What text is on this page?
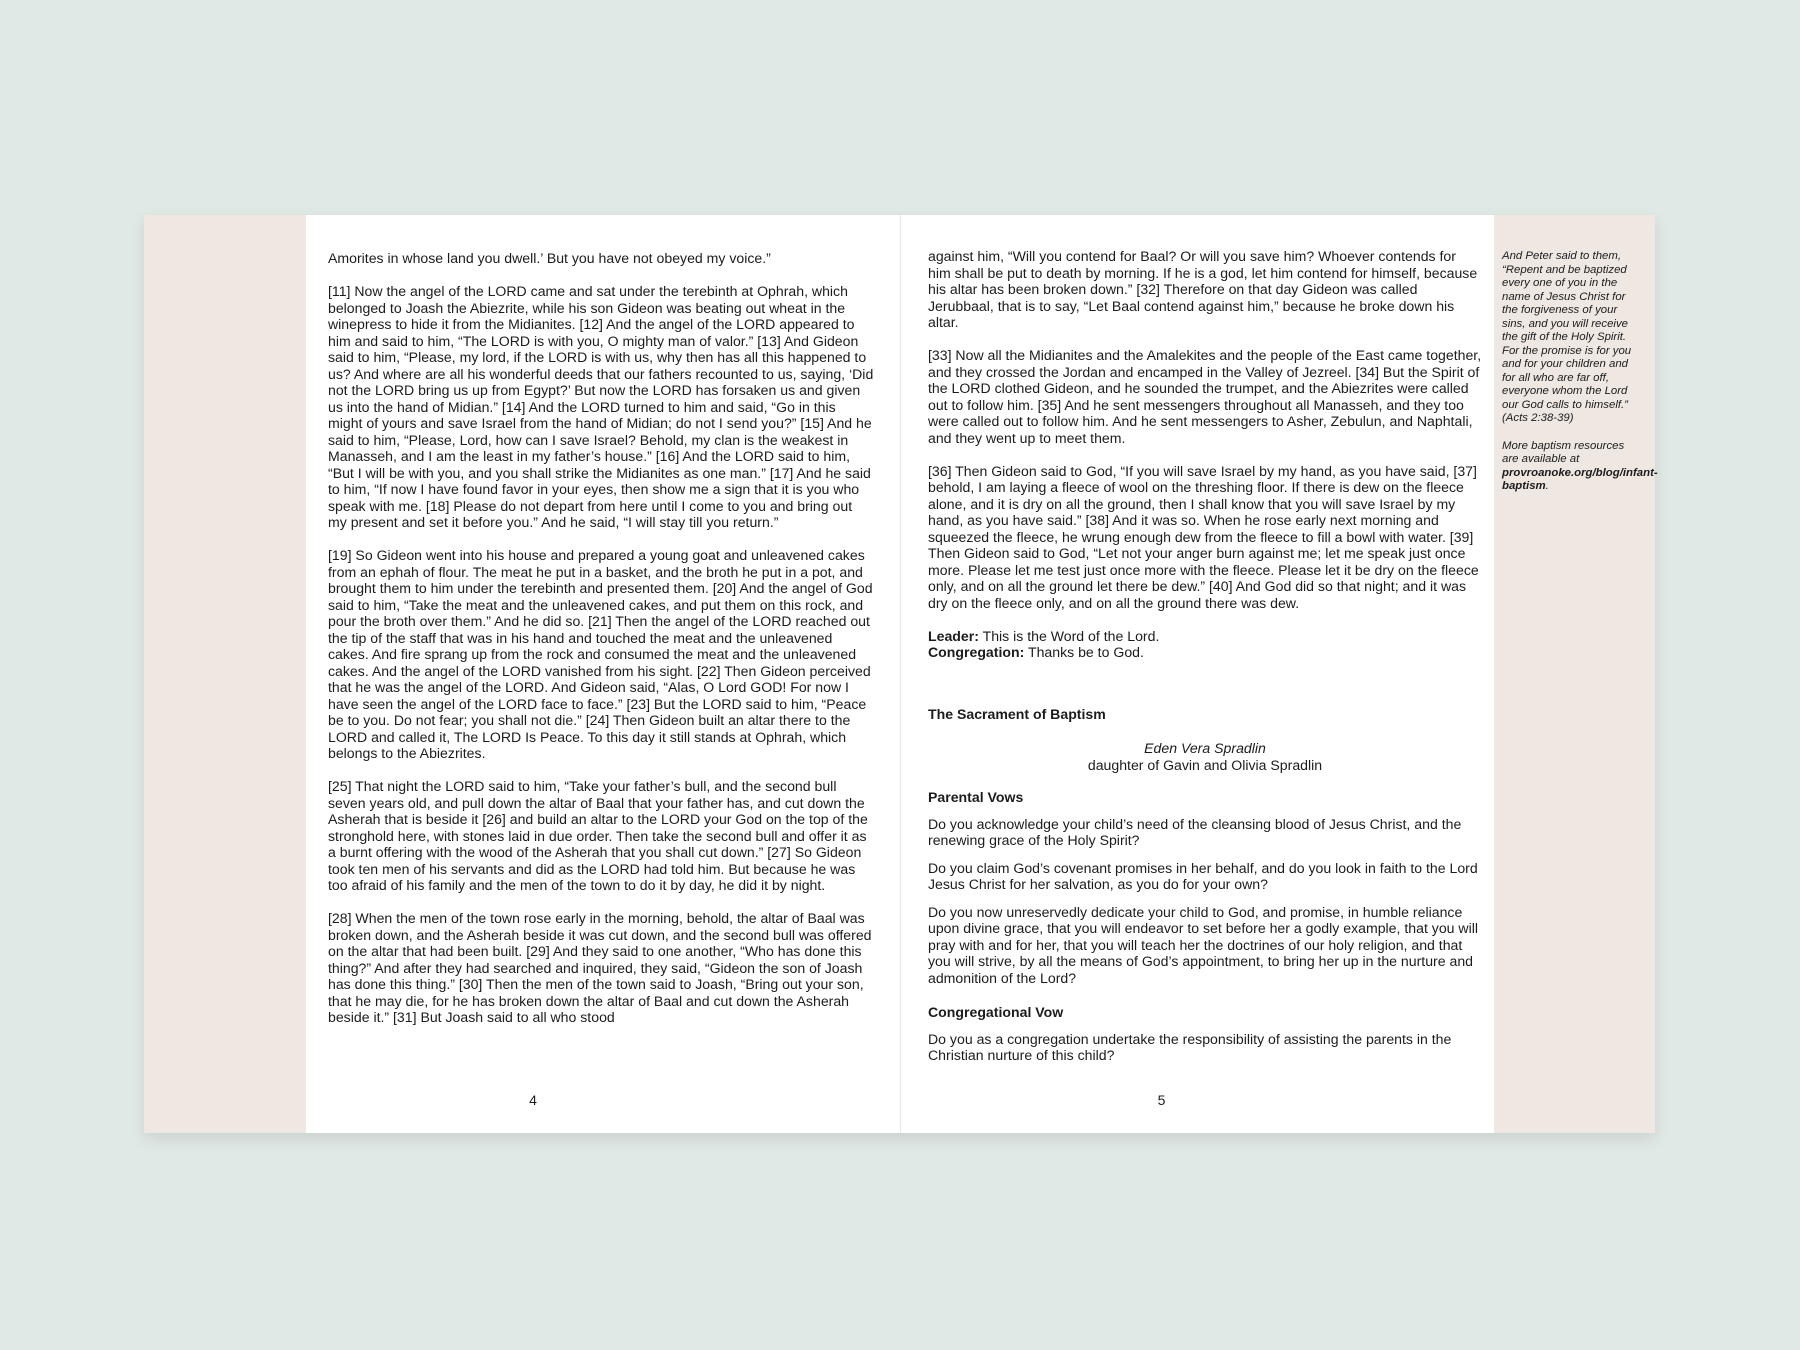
Amorites in whose land you dwell.’ But you have not obeyed my voice.”

[11] Now the angel of the LORD came and sat under the terebinth at Ophrah, which belonged to Joash the Abiezrite, while his son Gideon was beating out wheat in the winepress to hide it from the Midianites. [12] And the angel of the LORD appeared to him and said to him, “The LORD is with you, O mighty man of valor.” [13] And Gideon said to him, “Please, my lord, if the LORD is with us, why then has all this happened to us? And where are all his wonderful deeds that our fathers recounted to us, saying, ‘Did not the LORD bring us up from Egypt?’ But now the LORD has forsaken us and given us into the hand of Midian.” [14] And the LORD turned to him and said, “Go in this might of yours and save Israel from the hand of Midian; do not I send you?” [15] And he said to him, “Please, Lord, how can I save Israel? Behold, my clan is the weakest in Manasseh, and I am the least in my father’s house.” [16] And the LORD said to him, “But I will be with you, and you shall strike the Midianites as one man.” [17] And he said to him, “If now I have found favor in your eyes, then show me a sign that it is you who speak with me. [18] Please do not depart from here until I come to you and bring out my present and set it before you.” And he said, “I will stay till you return.”

[19] So Gideon went into his house and prepared a young goat and unleavened cakes from an ephah of flour. The meat he put in a basket, and the broth he put in a pot, and brought them to him under the terebinth and presented them. [20] And the angel of God said to him, “Take the meat and the unleavened cakes, and put them on this rock, and pour the broth over them.” And he did so. [21] Then the angel of the LORD reached out the tip of the staff that was in his hand and touched the meat and the unleavened cakes. And fire sprang up from the rock and consumed the meat and the unleavened cakes. And the angel of the LORD vanished from his sight. [22] Then Gideon perceived that he was the angel of the LORD. And Gideon said, “Alas, O Lord GOD! For now I have seen the angel of the LORD face to face.” [23] But the LORD said to him, “Peace be to you. Do not fear; you shall not die.” [24] Then Gideon built an altar there to the LORD and called it, The LORD Is Peace. To this day it still stands at Ophrah, which belongs to the Abiezrites.

[25] That night the LORD said to him, “Take your father’s bull, and the second bull seven years old, and pull down the altar of Baal that your father has, and cut down the Asherah that is beside it [26] and build an altar to the LORD your God on the top of the stronghold here, with stones laid in due order. Then take the second bull and offer it as a burnt offering with the wood of the Asherah that you shall cut down.” [27] So Gideon took ten men of his servants and did as the LORD had told him. But because he was too afraid of his family and the men of the town to do it by day, he did it by night.

[28] When the men of the town rose early in the morning, behold, the altar of Baal was broken down, and the Asherah beside it was cut down, and the second bull was offered on the altar that had been built. [29] And they said to one another, “Who has done this thing?” And after they had searched and inquired, they said, “Gideon the son of Joash has done this thing.” [30] Then the men of the town said to Joash, “Bring out your son, that he may die, for he has broken down the altar of Baal and cut down the Asherah beside it.” [31] But Joash said to all who stood

4

against him, “Will you contend for Baal? Or will you save him? Whoever contends for him shall be put to death by morning. If he is a god, let him contend for himself, because his altar has been broken down.” [32] Therefore on that day Gideon was called Jerubbaal, that is to say, “Let Baal contend against him,” because he broke down his altar.

[33] Now all the Midianites and the Amalekites and the people of the East came together, and they crossed the Jordan and encamped in the Valley of Jezreel. [34] But the Spirit of the LORD clothed Gideon, and he sounded the trumpet, and the Abiezrites were called out to follow him. [35] And he sent messengers throughout all Manasseh, and they too were called out to follow him. And he sent messengers to Asher, Zebulun, and Naphtali, and they went up to meet them.

[36] Then Gideon said to God, “If you will save Israel by my hand, as you have said, [37] behold, I am laying a fleece of wool on the threshing floor. If there is dew on the fleece alone, and it is dry on all the ground, then I shall know that you will save Israel by my hand, as you have said.” [38] And it was so. When he rose early next morning and squeezed the fleece, he wrung enough dew from the fleece to fill a bowl with water. [39] Then Gideon said to God, “Let not your anger burn against me; let me speak just once more. Please let me test just once more with the fleece. Please let it be dry on the fleece only, and on all the ground let there be dew.” [40] And God did so that night; and it was dry on the fleece only, and on all the ground there was dew.

Leader: This is the Word of the Lord.
Congregation: Thanks be to God.

The Sacrament of Baptism

Eden Vera Spradlin
daughter of Gavin and Olivia Spradlin

Parental Vows

Do you acknowledge your child’s need of the cleansing blood of Jesus Christ, and the renewing grace of the Holy Spirit?

Do you claim God’s covenant promises in her behalf, and do you look in faith to the Lord Jesus Christ for her salvation, as you do for your own?

Do you now unreservedly dedicate your child to God, and promise, in humble reliance upon divine grace, that you will endeavor to set before her a godly example, that you will pray with and for her, that you will teach her the doctrines of our holy religion, and that you will strive, by all the means of God’s appointment, to bring her up in the nurture and admonition of the Lord?

Congregational Vow

Do you as a congregation undertake the responsibility of assisting the parents in the Christian nurture of this child?

5

And Peter said to them, “Repent and be baptized every one of you in the name of Jesus Christ for the forgiveness of your sins, and you will receive the gift of the Holy Spirit. For the promise is for you and for your children and for all who are far off, everyone whom the Lord our God calls to himself.” (Acts 2:38-39)

More baptism resources are available at provroanoke.org/blog/infant-baptism.
